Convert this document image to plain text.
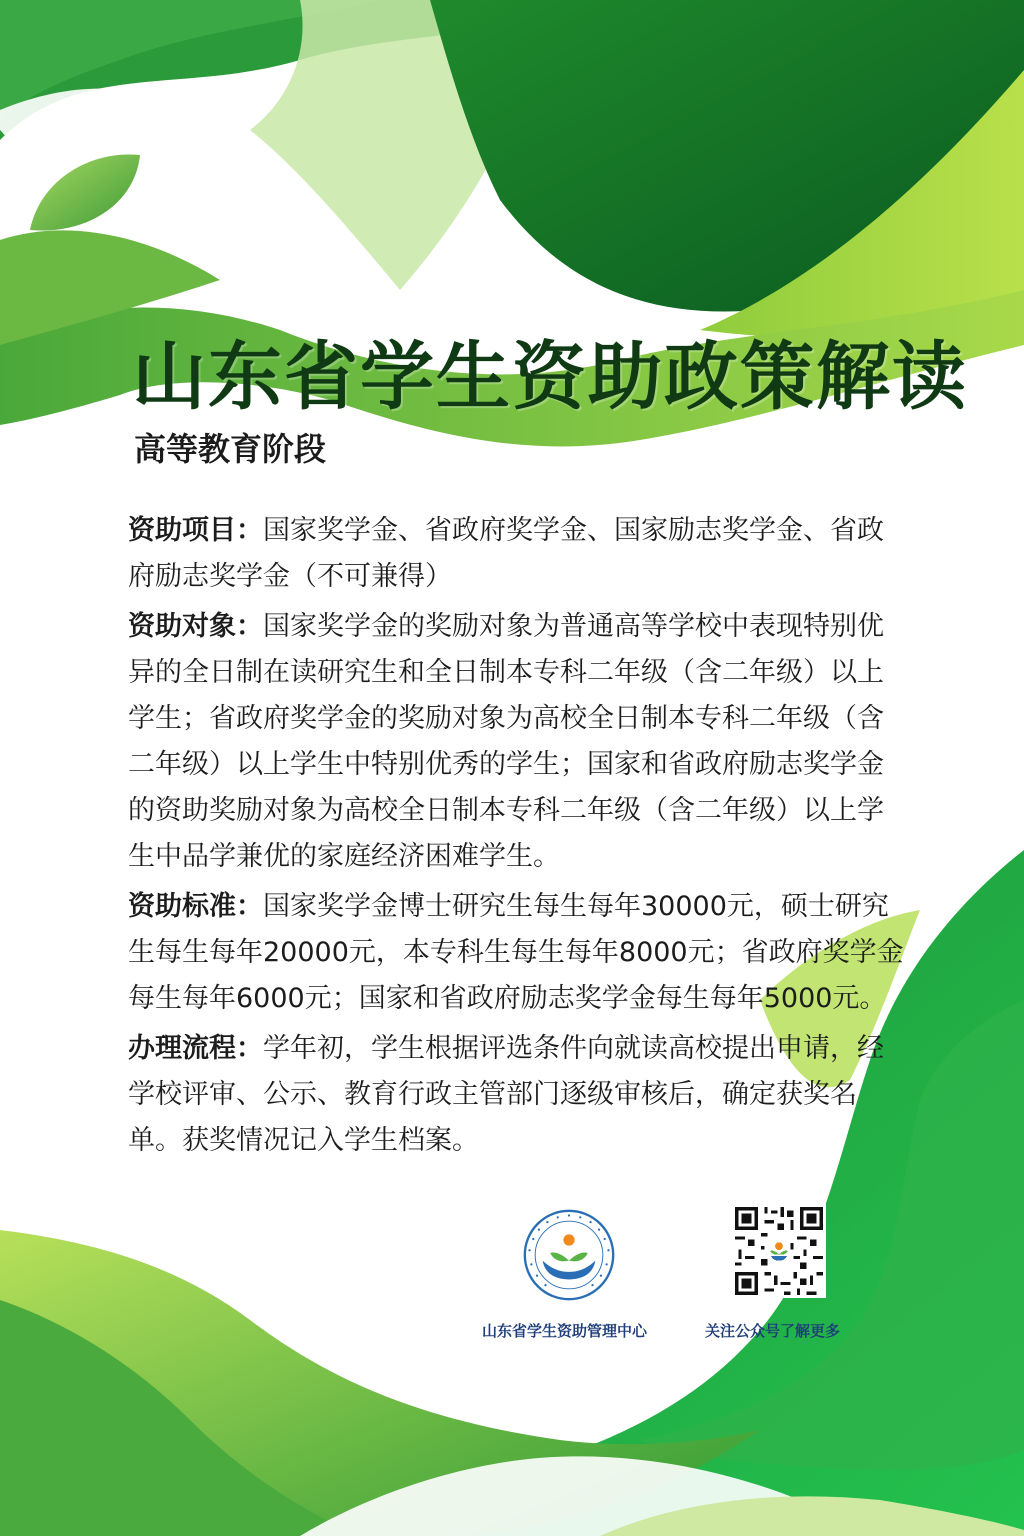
山东省学生资助政策解读
高等教育阶段

资助项目：国家奖学金、省政府奖学金、国家励志奖学金、省政府励志奖学金（不可兼得）

资助对象：国家奖学金的奖励对象为普通高等学校中表现特别优异的全日制在读研究生和全日制本专科二年级（含二年级）以上学生；省政府奖学金的奖励对象为高校全日制本专科二年级（含二年级）以上学生中特别优秀的学生；国家和省政府励志奖学金的资助奖励对象为高校全日制本专科二年级（含二年级）以上学生中品学兼优的家庭经济困难学生。

资助标准：国家奖学金博士研究生每生每年30000元，硕士研究生每生每年20000元，本专科生每生每年8000元；省政府奖学金每生每年6000元；国家和省政府励志奖学金每生每年5000元。

办理流程：学年初，学生根据评选条件向就读高校提出申请，经学校评审、公示、教育行政主管部门逐级审核后，确定获奖名单。获奖情况记入学生档案。

山东省学生资助管理中心	关注公众号了解更多
